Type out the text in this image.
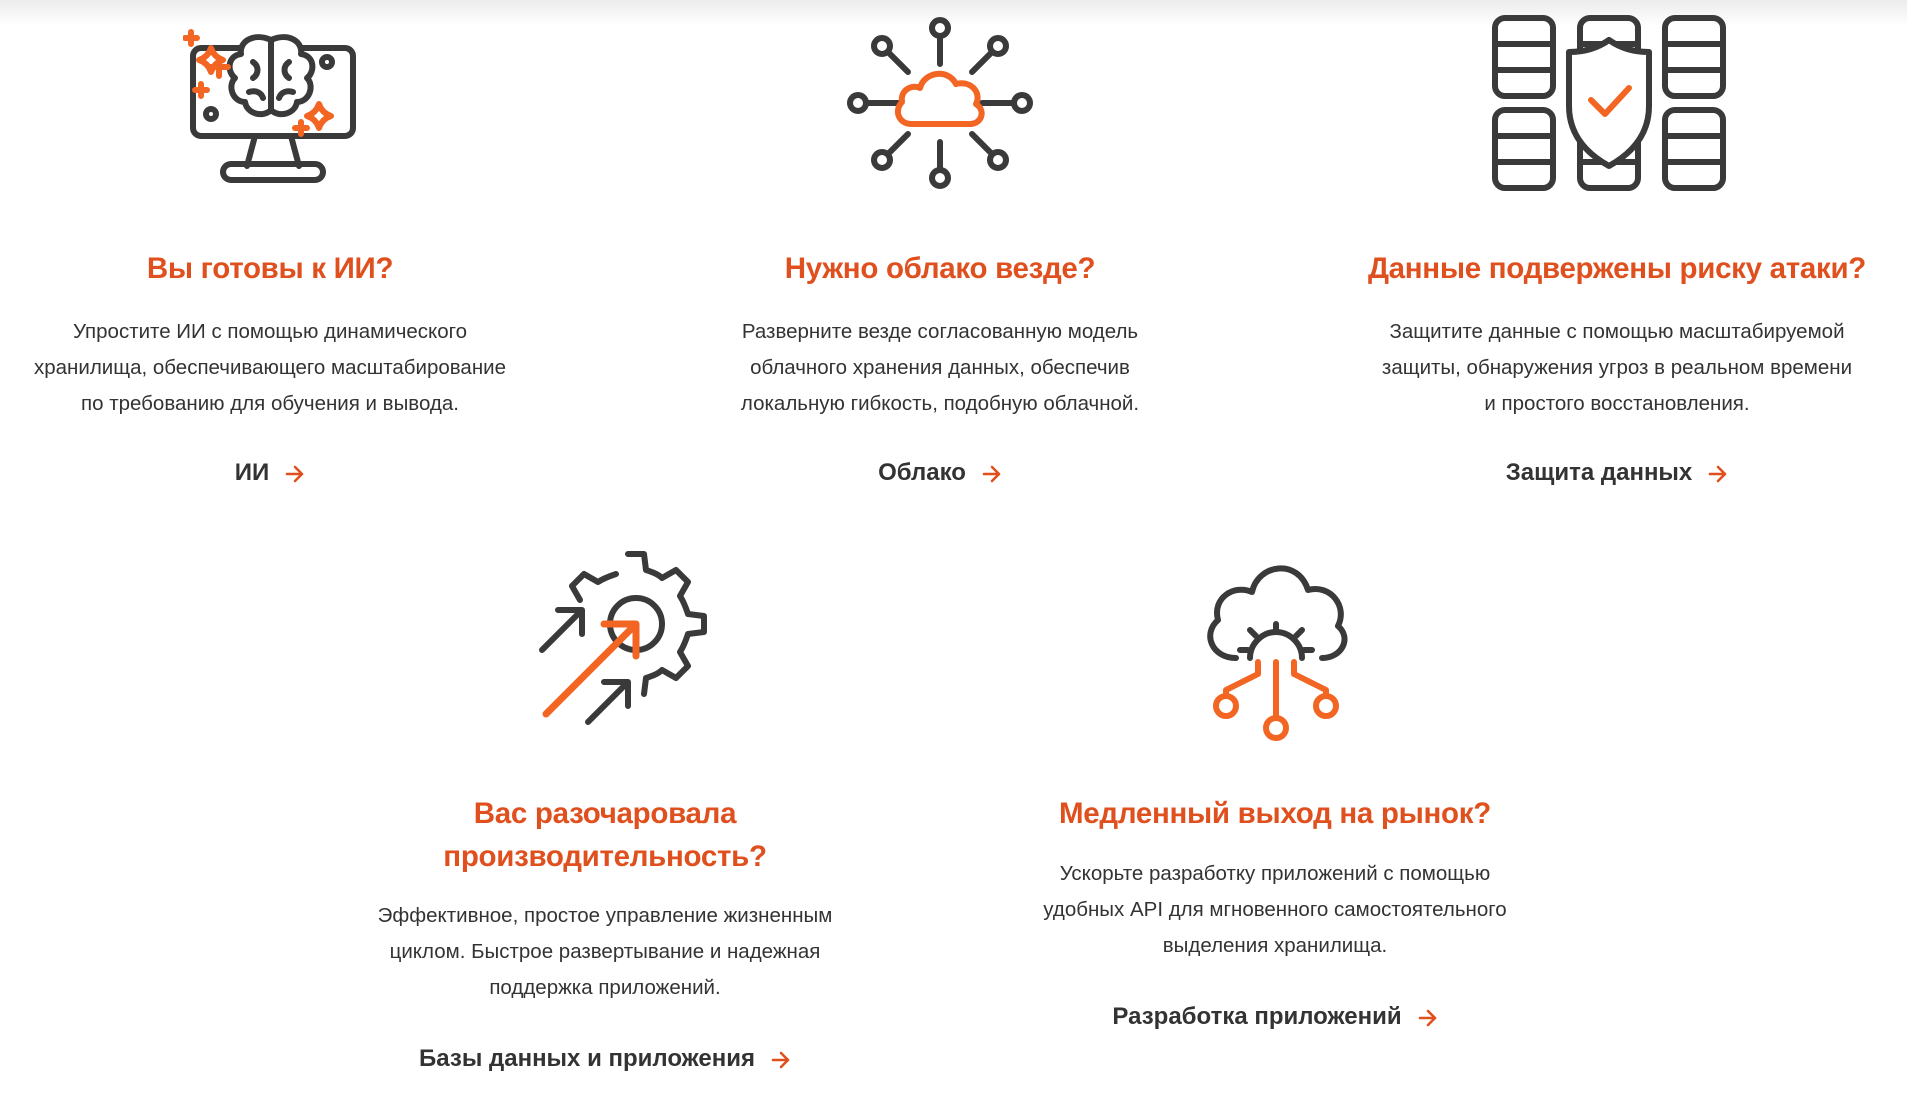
Вы готовы к ИИ?

Упростите ИИ с помощью динамического
хранилища, обеспечивающего масштабирование
по требованию для обучения и вывода.

ИИ
Нужно облако везде?

Разверните везде согласованную модель
облачного хранения данных, обеспечив
локальную гибкость, подобную облачной.

Облако
Данные подвержены риску атаки?

Защитите данные с помощью масштабируемой
защиты, обнаружения угроз в реальном времени
и простого восстановления.

Защита данных
Вас разочаровала
производительность?

Эффективное, простое управление жизненным
циклом. Быстрое развертывание и надежная
поддержка приложений.

Базы данных и приложения
Медленный выход на рынок?

Ускорьте разработку приложений с помощью
удобных API для мгновенного самостоятельного
выделения хранилища.

Разработка приложений
